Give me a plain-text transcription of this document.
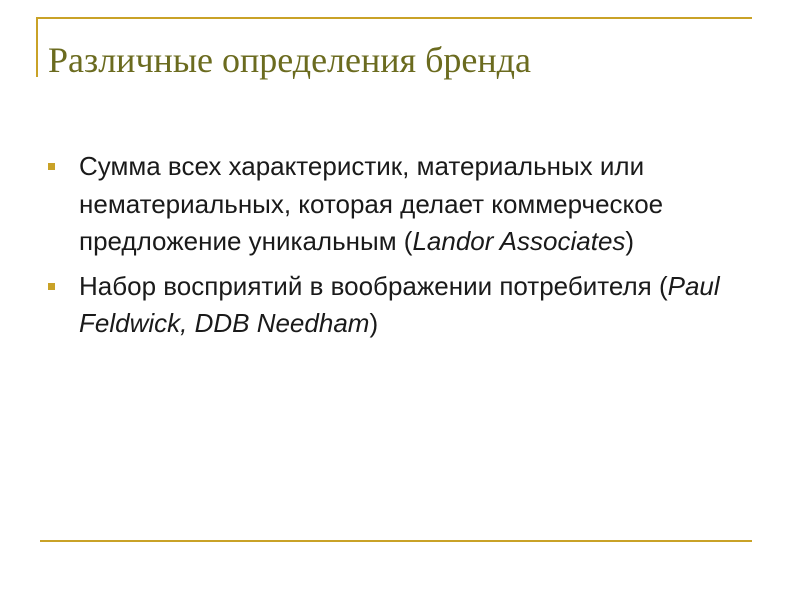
Различные определения бренда
Сумма всех характеристик, материальных или нематериальных, которая делает коммерческое предложение уникальным (Landor Associates)
Набор восприятий в воображении потребителя (Paul Feldwick, DDB Needham)
